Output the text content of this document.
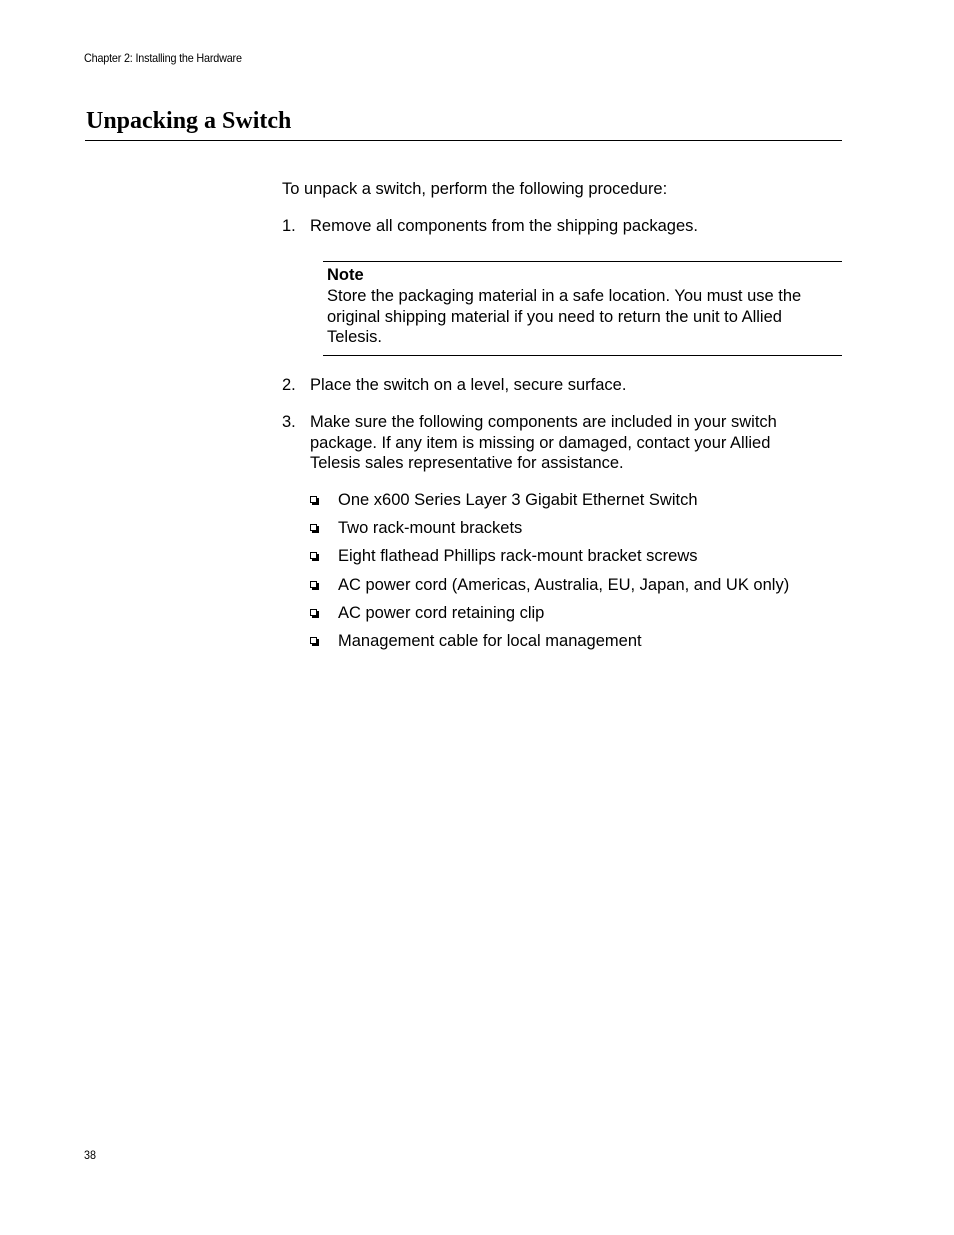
Chapter 2: Installing the Hardware
Unpacking a Switch
To unpack a switch, perform the following procedure:
1. Remove all components from the shipping packages.
Note
Store the packaging material in a safe location. You must use the original shipping material if you need to return the unit to Allied Telesis.
2. Place the switch on a level, secure surface.
3. Make sure the following components are included in your switch package. If any item is missing or damaged, contact your Allied Telesis sales representative for assistance.
One x600 Series Layer 3 Gigabit Ethernet Switch
Two rack-mount brackets
Eight flathead Phillips rack-mount bracket screws
AC power cord (Americas, Australia, EU, Japan, and UK only)
AC power cord retaining clip
Management cable for local management
38
